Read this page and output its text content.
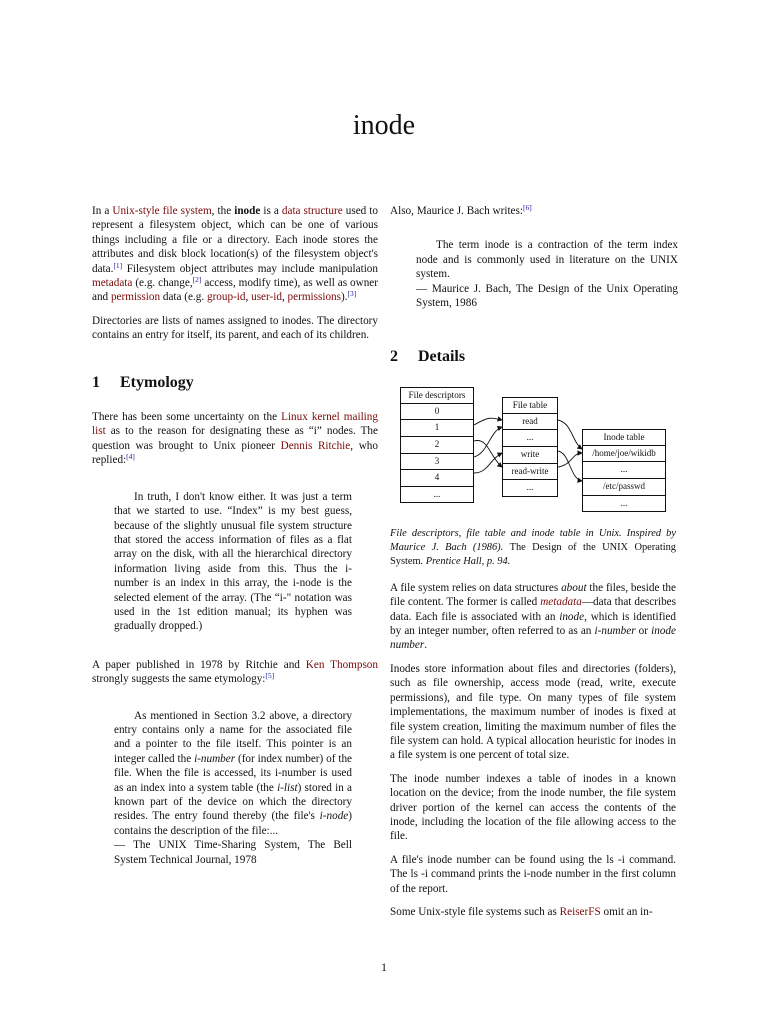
inode

In a Unix-style file system, the inode is a data structure used to represent a filesystem object, which can be one of various things including a file or a directory. Each inode stores the attributes and disk block location(s) of the filesystem object's data.[1] Filesystem object attributes may include manipulation metadata (e.g. change,[2] access, modify time), as well as owner and permission data (e.g. group-id, user-id, permissions).[3]

Directories are lists of names assigned to inodes. The directory contains an entry for itself, its parent, and each of its children.

1 Etymology

There has been some uncertainty on the Linux kernel mailing list as to the reason for designating these as “i” nodes. The question was brought to Unix pioneer Dennis Ritchie, who replied:[4]

In truth, I don't know either. It was just a term that we started to use. “Index” is my best guess, because of the slightly unusual file system structure that stored the access information of files as a flat array on the disk, with all the hierarchical directory information living aside from this. Thus the i-number is an index in this array, the i-node is the selected element of the array. (The “i-" notation was used in the 1st edition manual; its hyphen was gradually dropped.)

A paper published in 1978 by Ritchie and Ken Thompson strongly suggests the same etymology:[5]

As mentioned in Section 3.2 above, a directory entry contains only a name for the associated file and a pointer to the file itself. This pointer is an integer called the i-number (for index number) of the file. When the file is accessed, its i-number is used as an index into a system table (the i-list) stored in a known part of the device on which the directory resides. The entry found thereby (the file's i-node) contains the description of the file:...

— The UNIX Time-Sharing System, The Bell System Technical Journal, 1978

Also, Maurice J. Bach writes:[6]

The term inode is a contraction of the term index node and is commonly used in literature on the UNIX system.

— Maurice J. Bach, The Design of the Unix Operating System, 1986

2 Details
File descriptors
0
1
2
3
4
...
File table
read
...
write
read-write
...
Inode table
/home/joe/wikidb
...
/etc/passwd
...

File descriptors, file table and inode table in Unix. Inspired by Maurice J. Bach (1986). The Design of the UNIX Operating System. Prentice Hall, p. 94.

A file system relies on data structures about the files, beside the file content. The former is called metadata—data that describes data. Each file is associated with an inode, which is identified by an integer number, often referred to as an i-number or inode number.

Inodes store information about files and directories (folders), such as file ownership, access mode (read, write, execute permissions), and file type. On many types of file system implementations, the maximum number of inodes is fixed at file system creation, limiting the maximum number of files the file system can hold. A typical allocation heuristic for inodes in a file system is one percent of total size.

The inode number indexes a table of inodes in a known location on the device; from the inode number, the file system driver portion of the kernel can access the contents of the inode, including the location of the file allowing access to the file.

A file's inode number can be found using the ls -i command. The ls -i command prints the i-node number in the first column of the report.

Some Unix-style file systems such as ReiserFS omit an in-

1
